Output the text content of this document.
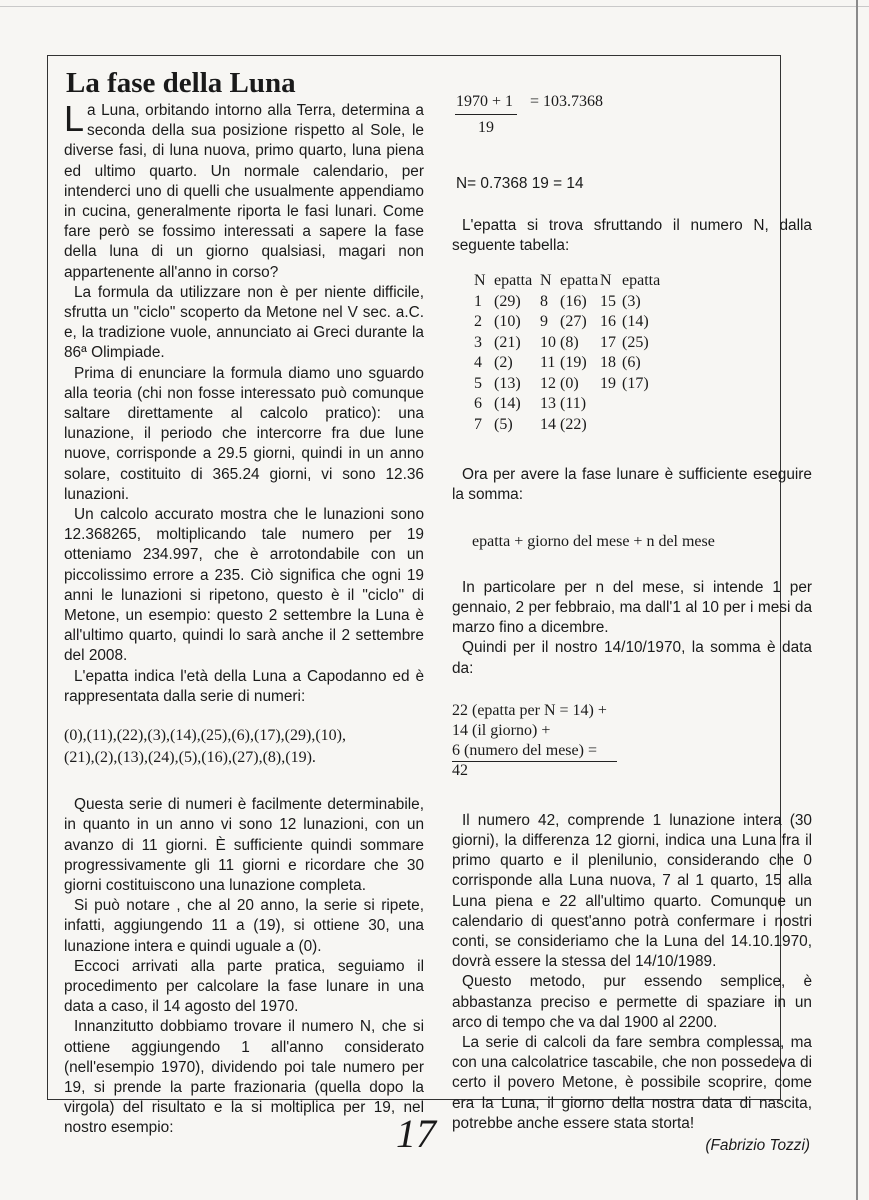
La fase della Luna

La Luna, orbitando intorno alla Terra, determina a seconda della sua posizione rispetto al Sole, le diverse fasi, di luna nuova, primo quarto, luna piena ed ultimo quarto. Un normale calendario, per intenderci uno di quelli che usualmente appendiamo in cucina, generalmente riporta le fasi lunari. Come fare però se fossimo interessati a sapere la fase della luna di un giorno qualsiasi, magari non appartenente all'anno in corso?

La formula da utilizzare non è per niente difficile, sfrutta un "ciclo" scoperto da Metone nel V sec. a.C. e, la tradizione vuole, annunciato ai Greci durante la 86ª Olimpiade.

Prima di enunciare la formula diamo uno sguardo alla teoria (chi non fosse interessato può comunque saltare direttamente al calcolo pratico): una lunazione, il periodo che intercorre fra due lune nuove, corrisponde a 29.5 giorni, quindi in un anno solare, costituito di 365.24 giorni, vi sono 12.36 lunazioni.

Un calcolo accurato mostra che le lunazioni sono 12.368265, moltiplicando tale numero per 19 otteniamo 234.997, che è arrotondabile con un piccolissimo errore a 235. Ciò significa che ogni 19 anni le lunazioni si ripetono, questo è il "ciclo" di Metone, un esempio: questo 2 settembre la Luna è all'ultimo quarto, quindi lo sarà anche il 2 settembre del 2008.

L'epatta indica l'età della Luna a Capodanno ed è rappresentata dalla serie di numeri:

(0),(11),(22),(3),(14),(25),(6),(17),(29),(10),
(21),(2),(13),(24),(5),(16),(27),(8),(19).

Questa serie di numeri è facilmente determinabile, in quanto in un anno vi sono 12 lunazioni, con un avanzo di 11 giorni. È sufficiente quindi sommare progressivamente gli 11 giorni e ricordare che 30 giorni costituiscono una lunazione completa.

Si può notare , che al 20 anno, la serie si ripete, infatti, aggiungendo 11 a (19), si ottiene 30, una lunazione intera e quindi uguale a (0).

Eccoci arrivati alla parte pratica, seguiamo il procedimento per calcolare la fase lunare in una data a caso, il 14 agosto del 1970.

Innanzitutto dobbiamo trovare il numero N, che si ottiene aggiungendo 1 all'anno considerato (nell'esempio 1970), dividendo poi tale numero per 19, si prende la parte frazionaria (quella dopo la virgola) del risultato e la si moltiplica per 19, nel nostro esempio:

1970 + 1
19
= 103.7368
N= 0.7368 19 = 14

L'epatta si trova sfruttando il numero N, dalla seguente tabella:

N	epatta	N	epatta	N	epatta
1	(29)	8	(16)	15	(3)
2	(10)	9	(27)	16	(14)
3	(21)	10	(8)	17	(25)
4	(2)	11	(19)	18	(6)
5	(13)	12	(0)	19	(17)
6	(14)	13	(11)		
7	(5)	14	(22)		

Ora per avere la fase lunare è sufficiente eseguire la somma:

epatta + giorno del mese + n del mese

In particolare per n del mese, si intende 1 per gennaio, 2 per febbraio, ma dall'1 al 10 per i mesi da marzo fino a dicembre.

Quindi per il nostro 14/10/1970, la somma è data da:

22 (epatta per N = 14) +
14 (il giorno) +
6 (numero del mese) =
42

Il numero 42, comprende 1 lunazione intera (30 giorni), la differenza 12 giorni, indica una Luna fra il primo quarto e il plenilunio, considerando che 0 corrisponde alla Luna nuova, 7 al 1 quarto, 15 alla Luna piena e 22 all'ultimo quarto. Comunque un calendario di quest'anno potrà confermare i nostri conti, se consideriamo che la Luna del 14.10.1970, dovrà essere la stessa del 14/10/1989.

Questo metodo, pur essendo semplice, è abbastanza preciso e permette di spaziare in un arco di tempo che va dal 1900 al 2200.

La serie di calcoli da fare sembra complessa, ma con una calcolatrice tascabile, che non possedeva di certo il povero Metone, è possibile scoprire, come era la Luna, il giorno della nostra data di nascita, potrebbe anche essere stata storta!

(Fabrizio Tozzi)
17
